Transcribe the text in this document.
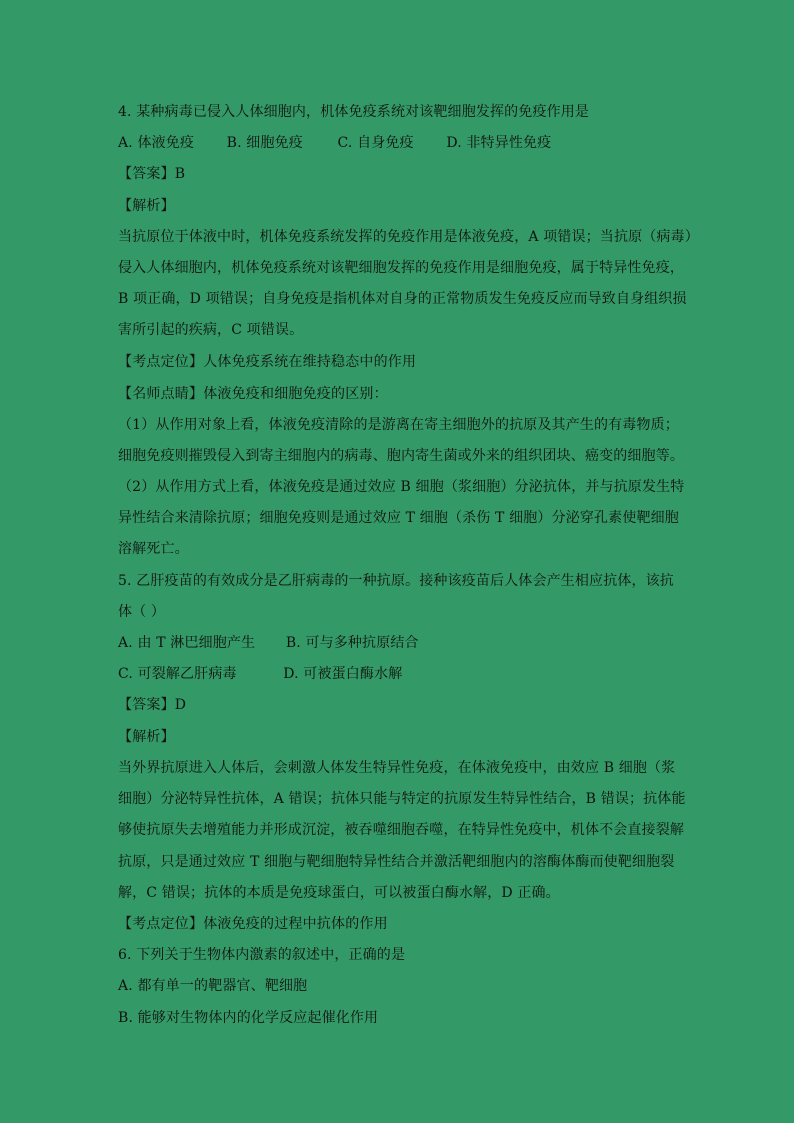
4. 某种病毒已侵入人体细胞内，机体免疫系统对该靶细胞发挥的免疫作用是
A. 体液免疫 B. 细胞免疫 C. 自身免疫 D. 非特异性免疫
【答案】B
【解析】
当抗原位于体液中时，机体免疫系统发挥的免疫作用是体液免疫，A 项错误；当抗原（病毒）
侵入人体细胞内，机体免疫系统对该靶细胞发挥的免疫作用是细胞免疫，属于特异性免疫，
B 项正确，D 项错误；自身免疫是指机体对自身的正常物质发生免疫反应而导致自身组织损
害所引起的疾病，C 项错误。
【考点定位】人体免疫系统在维持稳态中的作用
【名师点睛】体液免疫和细胞免疫的区别：
（1）从作用对象上看，体液免疫清除的是游离在寄主细胞外的抗原及其产生的有毒物质；
细胞免疫则摧毁侵入到寄主细胞内的病毒、胞内寄生菌或外来的组织团块、癌变的细胞等。
（2）从作用方式上看，体液免疫是通过效应 B 细胞（浆细胞）分泌抗体，并与抗原发生特
异性结合来清除抗原；细胞免疫则是通过效应 T 细胞（杀伤 T 细胞）分泌穿孔素使靶细胞
溶解死亡。
5. 乙肝疫苗的有效成分是乙肝病毒的一种抗原。接种该疫苗后人体会产生相应抗体，该抗
体（ ）
A. 由 T 淋巴细胞产生 B. 可与多种抗原结合
C. 可裂解乙肝病毒	D. 可被蛋白酶水解
【答案】D
【解析】
当外界抗原进入人体后，会刺激人体发生特异性免疫，在体液免疫中，由效应 B 细胞（浆
细胞）分泌特异性抗体，A 错误；抗体只能与特定的抗原发生特异性结合，B 错误；抗体能
够使抗原失去增殖能力并形成沉淀，被吞噬细胞吞噬，在特异性免疫中，机体不会直接裂解
抗原，只是通过效应 T 细胞与靶细胞特异性结合并激活靶细胞内的溶酶体酶而使靶细胞裂
解，C 错误；抗体的本质是免疫球蛋白，可以被蛋白酶水解，D 正确。
【考点定位】体液免疫的过程中抗体的作用
6. 下列关于生物体内激素的叙述中，正确的是
A. 都有单一的靶器官、靶细胞
B. 能够对生物体内的化学反应起催化作用
